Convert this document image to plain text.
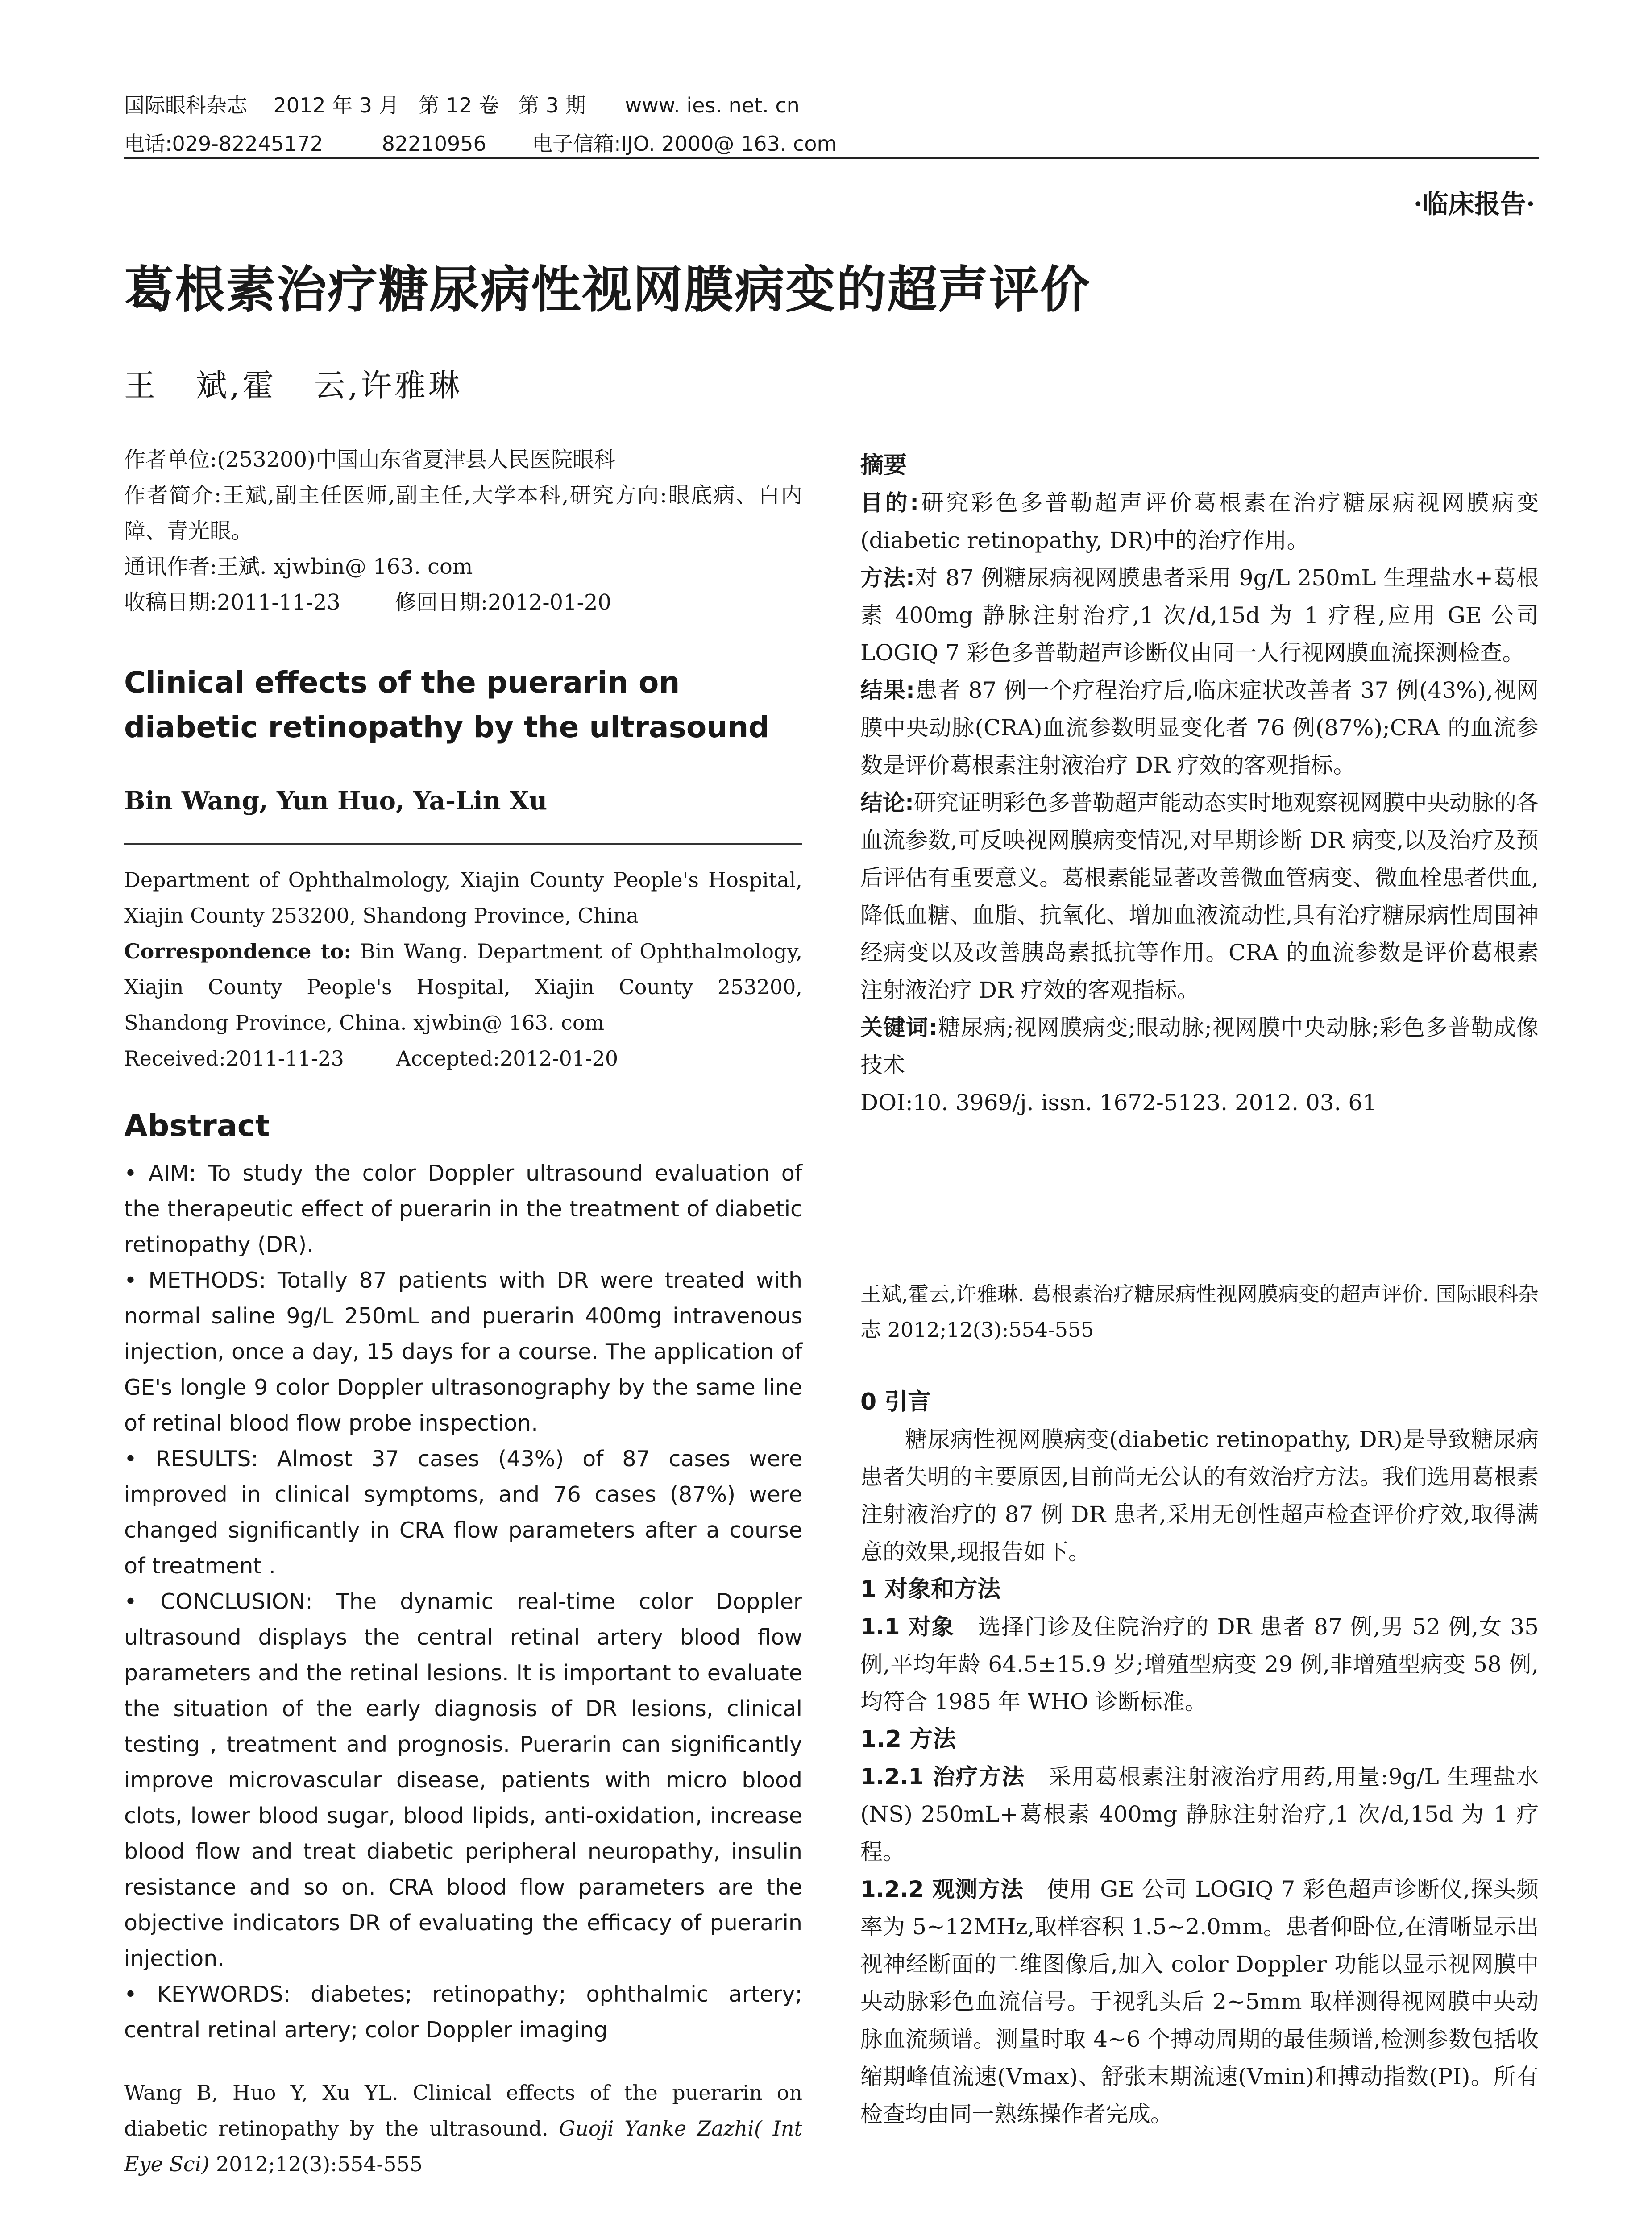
国际眼科杂志    2012 年 3 月   第 12 卷   第 3 期      www. ies. net. cn
电话:029-82245172         82210956       电子信箱:IJO. 2000@ 163. com
·临床报告·
葛根素治疗糖尿病性视网膜病变的超声评价
王   斌,霍   云,许雅琳
作者单位:(253200)中国山东省夏津县人民医院眼科
作者简介:王斌,副主任医师,副主任,大学本科,研究方向:眼底病、白内障、青光眼。
通讯作者:王斌. xjwbin@ 163. com
收稿日期:2011-11-23        修回日期:2012-01-20
Clinical effects of the puerarin on diabetic retinopathy by the ultrasound
Bin Wang, Yun Huo, Ya-Lin Xu
Department of Ophthalmology, Xiajin County People's Hospital, Xiajin County 253200, Shandong Province, China
Correspondence to: Bin Wang. Department of Ophthalmology, Xiajin County People's Hospital, Xiajin County 253200, Shandong Province, China. xjwbin@ 163. com
Received:2011-11-23        Accepted:2012-01-20
Abstract

• AIM: To study the color Doppler ultrasound evaluation of the therapeutic effect of puerarin in the treatment of diabetic retinopathy (DR).

• METHODS: Totally 87 patients with DR were treated with normal saline 9g/L 250mL and puerarin 400mg intravenous injection, once a day, 15 days for a course. The application of GE's longle 9 color Doppler ultrasonography by the same line of retinal blood flow probe inspection.

• RESULTS: Almost 37 cases (43%) of 87 cases were improved in clinical symptoms, and 76 cases (87%) were changed significantly in CRA flow parameters after a course of treatment .

• CONCLUSION: The dynamic real-time color Doppler ultrasound displays the central retinal artery blood flow parameters and the retinal lesions. It is important to evaluate the situation of the early diagnosis of DR lesions, clinical testing , treatment and prognosis. Puerarin can significantly improve microvascular disease, patients with micro blood clots, lower blood sugar, blood lipids, anti-oxidation, increase blood flow and treat diabetic peripheral neuropathy, insulin resistance and so on. CRA blood flow parameters are the objective indicators DR of evaluating the efficacy of puerarin injection.

• KEYWORDS: diabetes; retinopathy; ophthalmic artery; central retinal artery; color Doppler imaging

Wang B, Huo Y, Xu YL. Clinical effects of the puerarin on diabetic retinopathy by the ultrasound. Guoji Yanke Zazhi( Int Eye Sci) 2012;12(3):554-555
摘要

目的:研究彩色多普勒超声评价葛根素在治疗糖尿病视网膜病变(diabetic retinopathy, DR)中的治疗作用。

方法:对 87 例糖尿病视网膜患者采用 9g/L 250mL 生理盐水+葛根素 400mg 静脉注射治疗,1 次/d,15d 为 1 疗程,应用 GE 公司 LOGIQ 7 彩色多普勒超声诊断仪由同一人行视网膜血流探测检查。

结果:患者 87 例一个疗程治疗后,临床症状改善者 37 例(43%),视网膜中央动脉(CRA)血流参数明显变化者 76 例(87%);CRA 的血流参数是评价葛根素注射液治疗 DR 疗效的客观指标。

结论:研究证明彩色多普勒超声能动态实时地观察视网膜中央动脉的各血流参数,可反映视网膜病变情况,对早期诊断 DR 病变,以及治疗及预后评估有重要意义。葛根素能显著改善微血管病变、微血栓患者供血,降低血糖、血脂、抗氧化、增加血液流动性,具有治疗糖尿病性周围神经病变以及改善胰岛素抵抗等作用。CRA 的血流参数是评价葛根素注射液治疗 DR 疗效的客观指标。

关键词:糖尿病;视网膜病变;眼动脉;视网膜中央动脉;彩色多普勒成像技术

DOI:10. 3969/j. issn. 1672-5123. 2012. 03. 61

王斌,霍云,许雅琳. 葛根素治疗糖尿病性视网膜病变的超声评价. 国际眼科杂志 2012;12(3):554-555
0 引言

糖尿病性视网膜病变(diabetic retinopathy, DR)是导致糖尿病患者失明的主要原因,目前尚无公认的有效治疗方法。我们选用葛根素注射液治疗的 87 例 DR 患者,采用无创性超声检查评价疗效,取得满意的效果,现报告如下。

1 对象和方法

1.1 对象   选择门诊及住院治疗的 DR 患者 87 例,男 52 例,女 35 例,平均年龄 64.5±15.9 岁;增殖型病变 29 例,非增殖型病变 58 例,均符合 1985 年 WHO 诊断标准。

1.2 方法

1.2.1 治疗方法   采用葛根素注射液治疗用药,用量:9g/L 生理盐水(NS) 250mL+葛根素 400mg 静脉注射治疗,1 次/d,15d 为 1 疗程。

1.2.2 观测方法   使用 GE 公司 LOGIQ 7 彩色超声诊断仪,探头频率为 5~12MHz,取样容积 1.5~2.0mm。患者仰卧位,在清晰显示出视神经断面的二维图像后,加入 color Doppler 功能以显示视网膜中央动脉彩色血流信号。于视乳头后 2~5mm 取样测得视网膜中央动脉血流频谱。测量时取 4~6 个搏动周期的最佳频谱,检测参数包括收缩期峰值流速(Vmax)、舒张末期流速(Vmin)和搏动指数(PI)。所有检查均由同一熟练操作者完成。
